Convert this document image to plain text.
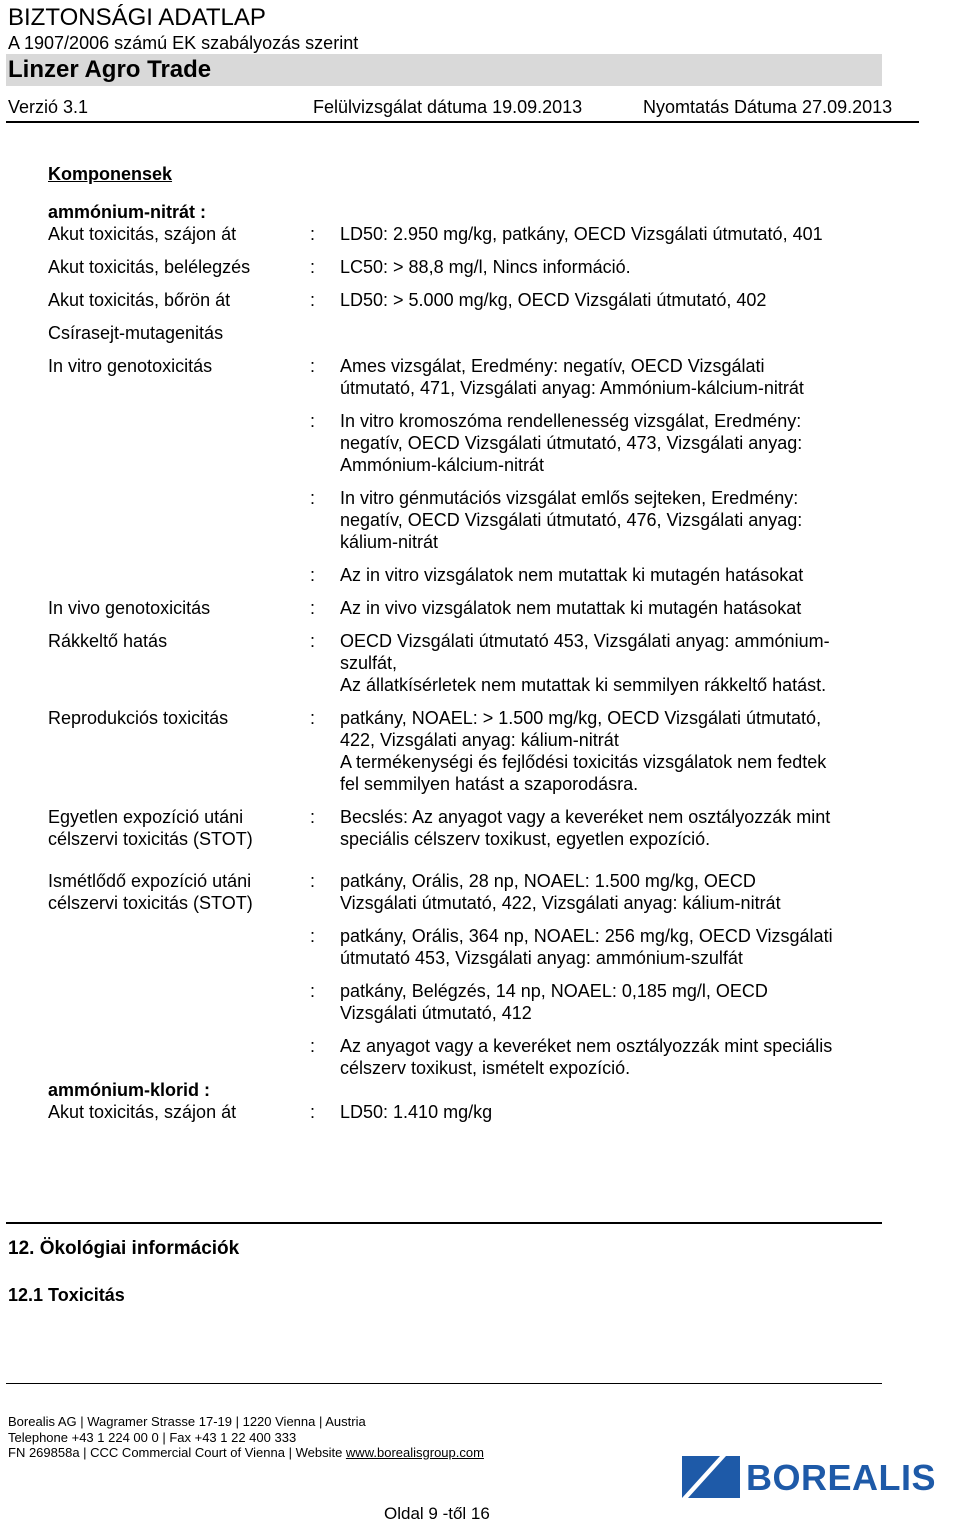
BIZTONSÁGI ADATLAP
A 1907/2006 számú EK szabályozás szerint
Linzer Agro Trade
Verzió 3.1	Felülvizsgálat dátuma 19.09.2013	Nyomtatás Dátuma 27.09.2013

Komponensek

ammónium-nitrát :

Akut toxicitás, szájon át	:	LD50: 2.950 mg/kg, patkány, OECD Vizsgálati útmutató, 401
Akut toxicitás, belélegzés	:	LC50: > 88,8 mg/l, Nincs információ.
Akut toxicitás, bőrön át	:	LD50: > 5.000 mg/kg, OECD Vizsgálati útmutató, 402
Csírasejt-mutagenitás
In vitro genotoxicitás	:	Ames vizsgálat, Eredmény: negatív, OECD Vizsgálati
útmutató, 471, Vizsgálati anyag: Ammónium-kálcium-nitrát
:	In vitro kromoszóma rendellenesség vizsgálat, Eredmény:
negatív, OECD Vizsgálati útmutató, 473, Vizsgálati anyag:
Ammónium-kálcium-nitrát
:	In vitro génmutációs vizsgálat emlős sejteken, Eredmény:
negatív, OECD Vizsgálati útmutató, 476, Vizsgálati anyag:
kálium-nitrát
:	Az in vitro vizsgálatok nem mutattak ki mutagén hatásokat
In vivo genotoxicitás	:	Az in vivo vizsgálatok nem mutattak ki mutagén hatásokat
Rákkeltő hatás	:	OECD Vizsgálati útmutató 453, Vizsgálati anyag: ammónium-
szulfát,
Az állatkísérletek nem mutattak ki semmilyen rákkeltő hatást.
Reprodukciós toxicitás	:	patkány, NOAEL: > 1.500 mg/kg, OECD Vizsgálati útmutató,
422, Vizsgálati anyag: kálium-nitrát
A termékenységi és fejlődési toxicitás vizsgálatok nem fedtek
fel semmilyen hatást a szaporodásra.
Egyetlen expozíció utáni
célszervi toxicitás (STOT)
:	Becslés: Az anyagot vagy a keveréket nem osztályozzák mint
speciális célszerv toxikust, egyetlen expozíció.
Ismétlődő expozíció utáni
célszervi toxicitás (STOT)
:	patkány, Orális, 28 np, NOAEL: 1.500 mg/kg, OECD
Vizsgálati útmutató, 422, Vizsgálati anyag: kálium-nitrát
:	patkány, Orális, 364 np, NOAEL: 256 mg/kg, OECD Vizsgálati
útmutató 453, Vizsgálati anyag: ammónium-szulfát
:	patkány, Belégzés, 14 np, NOAEL: 0,185 mg/l, OECD
Vizsgálati útmutató, 412
:	Az anyagot vagy a keveréket nem osztályozzák mint speciális
célszerv toxikust, ismételt expozíció.

ammónium-klorid :

Akut toxicitás, szájon át	:	LD50: 1.410 mg/kg
12. Ökológiai információk
12.1 Toxicitás
Borealis AG | Wagramer Strasse 17-19 | 1220 Vienna | Austria
Telephone +43 1 224 00 0 | Fax +43 1 22 400 333
FN 269858a | CCC Commercial Court of Vienna | Website www.borealisgroup.com
BOREALIS
Oldal 9 -től 16
